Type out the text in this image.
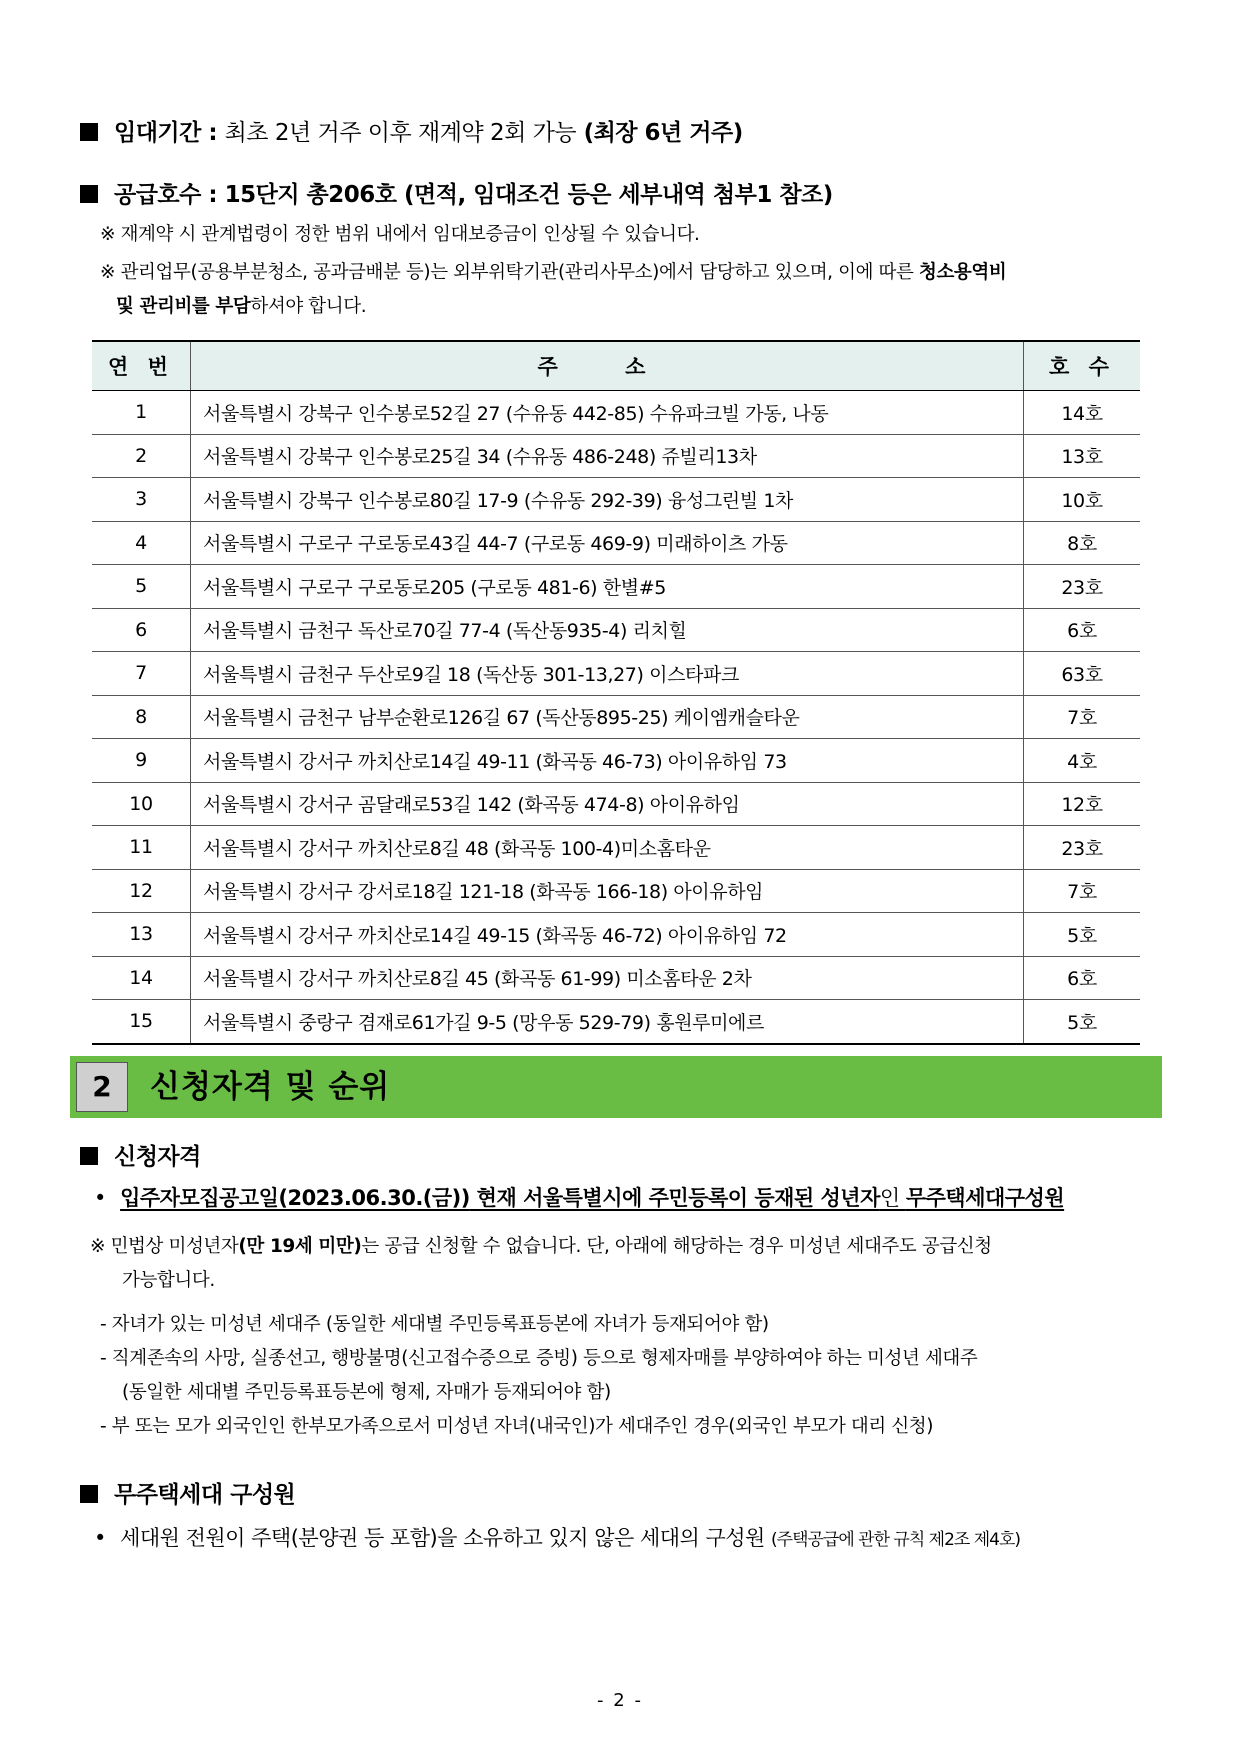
임대기간 : 최초 2년 거주 이후 재계약 2회 가능 (최장 6년 거주)
공급호수 : 15단지 총206호 (면적, 임대조건 등은 세부내역 첨부1 참조)
※ 재계약 시 관계법령이 정한 범위 내에서 임대보증금이 인상될 수 있습니다.
※ 관리업무(공용부분청소, 공과금배분 등)는 외부위탁기관(관리사무소)에서 담당하고 있으며, 이에 따른 청소용역비
및 관리비를 부담하셔야 합니다.
연 번	주 소	호 수
1	서울특별시 강북구 인수봉로52길 27 (수유동 442-85) 수유파크빌 가동, 나동	14호
2	서울특별시 강북구 인수봉로25길 34 (수유동 486-248) 쥬빌리13차	13호
3	서울특별시 강북구 인수봉로80길 17-9 (수유동 292-39) 융성그린빌 1차	10호
4	서울특별시 구로구 구로동로43길 44-7 (구로동 469-9) 미래하이츠 가동	8호
5	서울특별시 구로구 구로동로205 (구로동 481-6) 한별#5	23호
6	서울특별시 금천구 독산로70길 77-4 (독산동935-4) 리치힐	6호
7	서울특별시 금천구 두산로9길 18 (독산동 301-13,27) 이스타파크	63호
8	서울특별시 금천구 남부순환로126길 67 (독산동895-25) 케이엠캐슬타운	7호
9	서울특별시 강서구 까치산로14길 49-11 (화곡동 46-73) 아이유하임 73	4호
10	서울특별시 강서구 곰달래로53길 142 (화곡동 474-8) 아이유하임	12호
11	서울특별시 강서구 까치산로8길 48 (화곡동 100-4)미소홈타운	23호
12	서울특별시 강서구 강서로18길 121-18 (화곡동 166-18) 아이유하임	7호
13	서울특별시 강서구 까치산로14길 49-15 (화곡동 46-72) 아이유하임 72	5호
14	서울특별시 강서구 까치산로8길 45 (화곡동 61-99) 미소홈타운 2차	6호
15	서울특별시 중랑구 겸재로61가길 9-5 (망우동 529-79) 홍원루미에르	5호
2	신청자격 및 순위
신청자격
• 입주자모집공고일(2023.06.30.(금)) 현재 서울특별시에 주민등록이 등재된 성년자인 무주택세대구성원
※ 민법상 미성년자(만 19세 미만)는 공급 신청할 수 없습니다. 단, 아래에 해당하는 경우 미성년 세대주도 공급신청
가능합니다.
- 자녀가 있는 미성년 세대주 (동일한 세대별 주민등록표등본에 자녀가 등재되어야 함)
- 직계존속의 사망, 실종선고, 행방불명(신고접수증으로 증빙) 등으로 형제자매를 부양하여야 하는 미성년 세대주
(동일한 세대별 주민등록표등본에 형제, 자매가 등재되어야 함)
- 부 또는 모가 외국인인 한부모가족으로서 미성년 자녀(내국인)가 세대주인 경우(외국인 부모가 대리 신청)
무주택세대 구성원
• 세대원 전원이 주택(분양권 등 포함)을 소유하고 있지 않은 세대의 구성원 (주택공급에 관한 규칙 제2조 제4호)
- 2 -
